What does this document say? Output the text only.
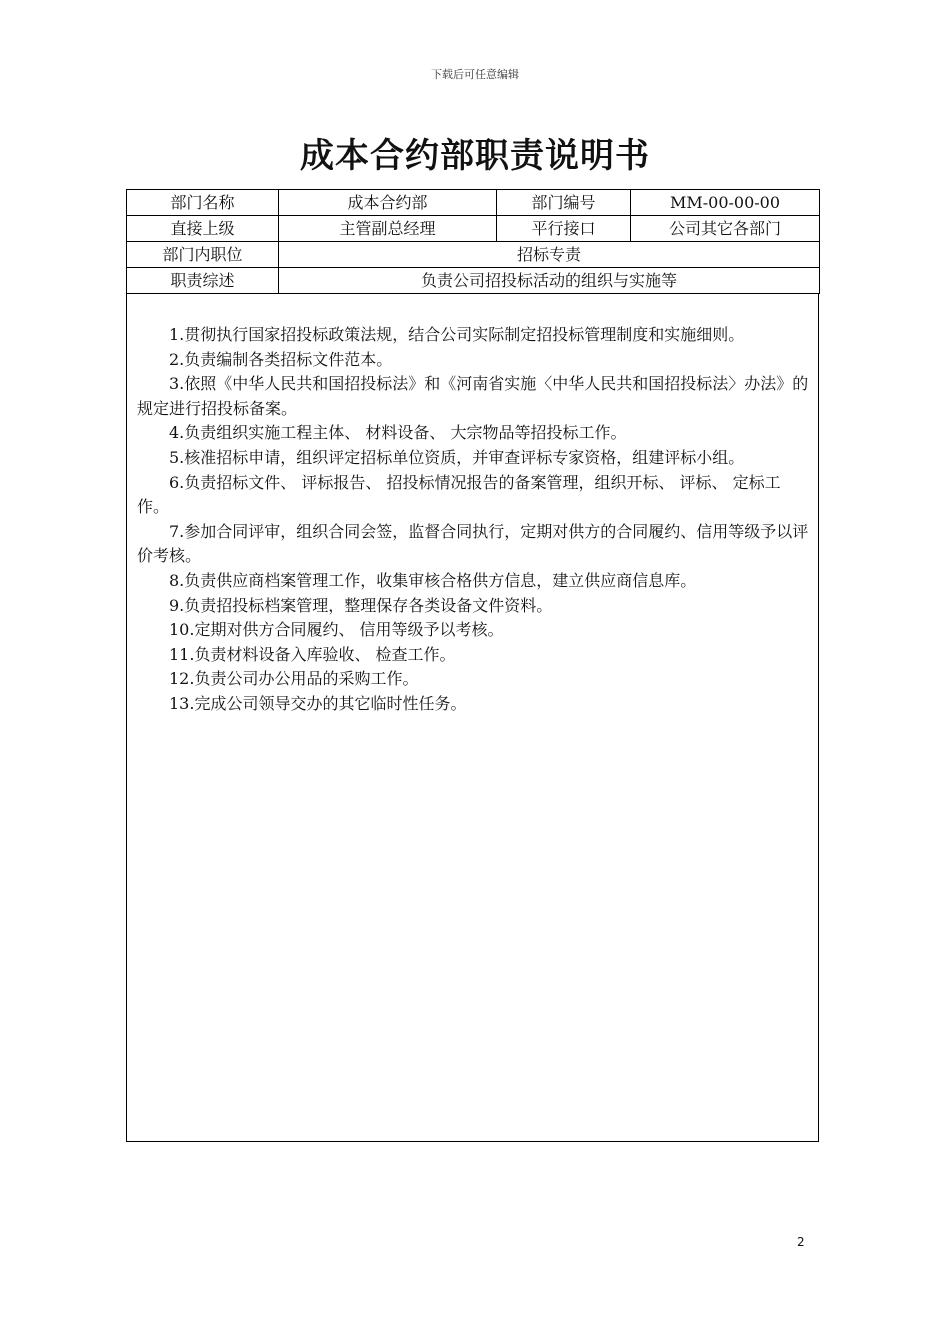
下载后可任意编辑
成本合约部职责说明书
部门名称	成本合约部	部门编号	MM-00-00-00
直接上级	主管副总经理	平行接口	公司其它各部门
部门内职位	招标专责		
职责综述	负责公司招投标活动的组织与实施等		

1.贯彻执行国家招投标政策法规，结合公司实际制定招投标管理制度和实施细则。

2.负责编制各类招标文件范本。

3.依照《中华人民共和国招投标法》和《河南省实施〈中华人民共和国招投标法〉办法》的规定进行招投标备案。

4.负责组织实施工程主体、 材料设备、 大宗物品等招投标工作。

5.核准招标申请，组织评定招标单位资质，并审查评标专家资格，组建评标小组。

6.负责招标文件、 评标报告、 招投标情况报告的备案管理，组织开标、 评标、 定标工作。

7.参加合同评审，组织合同会签，监督合同执行，定期对供方的合同履约、信用等级予以评价考核。

8.负责供应商档案管理工作，收集审核合格供方信息，建立供应商信息库。

9.负责招投标档案管理，整理保存各类设备文件资料。

10.定期对供方合同履约、 信用等级予以考核。

11.负责材料设备入库验收、 检查工作。

12.负责公司办公用品的采购工作。

13.完成公司领导交办的其它临时性任务。

2
